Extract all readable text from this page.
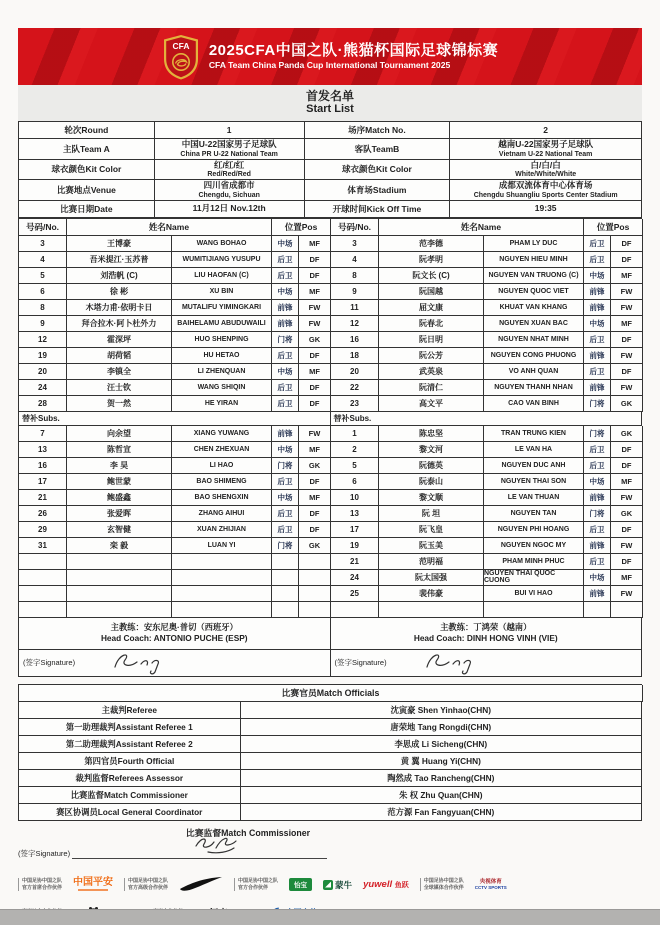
CFA 2025CFA中国之队·熊猫杯国际足球锦标赛
CFA Team China Panda Cup International Tournament 2025
首发名单
Start List
轮次Round	1	场序Match No.	2
主队Team A	中国U-22国家男子足球队
China PR U-22 National Team
客队TeamB	越南U-22国家男子足球队
Vietnam U-22 National Team
球衣颜色Kit Color	红/红/红
Red/Red/Red
球衣颜色Kit Color	白/白/白
White/White/White
比赛地点Venue	四川省成都市
Chengdu, Sichuan
体育场Stadium	成都双流体育中心体育场
Chengdu Shuangliu Sports Center Stadium
比赛日期Date	11月12日 Nov.12th	开球时间Kick Off Time	19:35
号码/No.	姓名Name	位置Pos	号码/No.	姓名Name	位置Pos
3	王博豪	WANG BOHAO	中场	MF
4	吾米提江·玉苏普	WUMITIJIANG YUSUPU	后卫	DF
5	刘浩帆 (C)	LIU HAOFAN (C)	后卫	DF
6	徐 彬	XU BIN	中场	MF
8	木塔力甫·依明卡日	MUTALIFU YIMINGKARI	前锋	FW
9	拜合拉木·阿卜杜外力	BAIHELAMU ABUDUWAILI	前锋	FW
12	霍深坪	HUO SHENPING	门将	GK
19	胡荷韬	HU HETAO	后卫	DF
20	李镇全	LI ZHENQUAN	中场	MF
24	汪士钦	WANG SHIQIN	后卫	DF
28	贺一然	HE YIRAN	后卫	DF
3	范李德	PHAM LY DUC	后卫	DF
4	阮孝明	NGUYEN HIEU MINH	后卫	DF
8	阮文长 (C)	NGUYEN VAN TRUONG (C)	中场	MF
9	阮国越	NGUYEN QUOC VIET	前锋	FW
11	屈文康	KHUAT VAN KHANG	前锋	FW
12	阮春北	NGUYEN XUAN BAC	中场	MF
16	阮日明	NGUYEN NHAT MINH	后卫	DF
18	阮公芳	NGUYEN CONG PHUONG	前锋	FW
20	武英泉	VO ANH QUAN	后卫	DF
22	阮清仁	NGUYEN THANH NHAN	前锋	FW
23	高文平	CAO VAN BINH	门将	GK
替补Subs.	替补Subs.
7	向余望	XIANG YUWANG	前锋	FW
13	陈哲宣	CHEN ZHEXUAN	中场	MF
16	李 昊	LI HAO	门将	GK
17	鲍世蒙	BAO SHIMENG	后卫	DF
21	鲍盛鑫	BAO SHENGXIN	中场	MF
26	张爱晖	ZHANG AIHUI	后卫	DF
29	玄智健	XUAN ZHIJIAN	后卫	DF
31	栾 毅	LUAN YI	门将	GK
1	陈忠坚	TRAN TRUNG KIEN	门将	GK
2	黎文河	LE VAN HA	后卫	DF
5	阮德英	NGUYEN DUC ANH	后卫	DF
6	阮泰山	NGUYEN THAI SON	中场	MF
10	黎文顺	LE VAN THUAN	前锋	FW
13	阮 坦	NGUYEN TAN	门将	GK
17	阮飞皇	NGUYEN PHI HOANG	后卫	DF
19	阮玉美	NGUYEN NGOC MY	前锋	FW
21	范明福	PHAM MINH PHUC	后卫	DF
24	阮太国强	NGUYEN THAI QUOC CUONG	中场	MF
25	裴伟豪	BUI VI HAO	前锋	FW
主教练：安东尼奥·普切（西班牙）
Head Coach: ANTONIO PUCHE (ESP)
主教练：丁鸿荣（越南）
Head Coach: DINH HONG VINH (VIE)
(签字Signature)	(签字Signature)
比赛官员Match Officials
主裁判Referee	沈寅豪 Shen Yinhao(CHN)
第一助理裁判Assistant Referee 1	唐荣地 Tang Rongdi(CHN)
第二助理裁判Assistant Referee 2	李思成 Li Sicheng(CHN)
第四官员Fourth Official	黄 翼 Huang Yi(CHN)
裁判监督Referees Assessor	陶然成 Tao Rancheng(CHN)
比赛监督Match Commissioner	朱 权 Zhu Quan(CHN)
赛区协调员Local General Coordinator	范方源 Fan Fangyuan(CHN)
比赛监督Match Commissioner
(签字Signature)
中国足协中国之队
官方首席合作伙伴 中国平安	中国足协中国之队
官方高级合作伙伴
中国足协中国之队
官方合作伙伴	怡宝	蒙牛 yuwell 鱼跃
中国足协中国之队
全球媒体合作伙伴
央视体育
CCTV SPORTS
